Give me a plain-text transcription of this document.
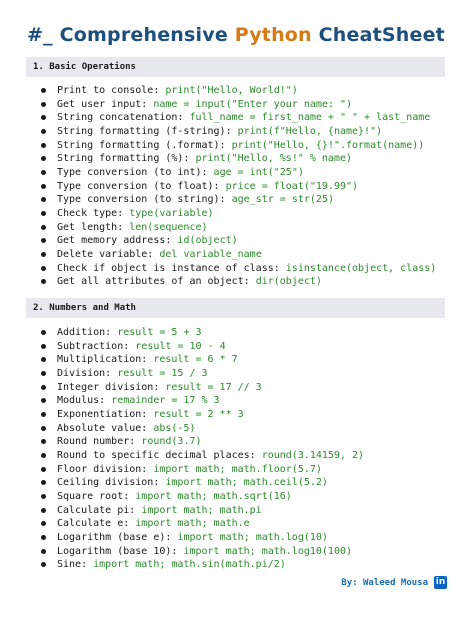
#_ Comprehensive Python CheatSheet
1. Basic Operations
Print to console: print("Hello, World!")
Get user input: name = input("Enter your name: ")
String concatenation: full_name = first_name + " " + last_name
String formatting (f-string): print(f"Hello, {name}!")
String formatting (.format): print("Hello, {}!".format(name))
String formatting (%): print("Hello, %s!" % name)
Type conversion (to int): age = int("25")
Type conversion (to float): price = float("19.99")
Type conversion (to string): age_str = str(25)
Check type: type(variable)
Get length: len(sequence)
Get memory address: id(object)
Delete variable: del variable_name
Check if object is instance of class: isinstance(object, class)
Get all attributes of an object: dir(object)
2. Numbers and Math
Addition: result = 5 + 3
Subtraction: result = 10 - 4
Multiplication: result = 6 * 7
Division: result = 15 / 3
Integer division: result = 17 // 3
Modulus: remainder = 17 % 3
Exponentiation: result = 2 ** 3
Absolute value: abs(-5)
Round number: round(3.7)
Round to specific decimal places: round(3.14159, 2)
Floor division: import math; math.floor(5.7)
Ceiling division: import math; math.ceil(5.2)
Square root: import math; math.sqrt(16)
Calculate pi: import math; math.pi
Calculate e: import math; math.e
Logarithm (base e): import math; math.log(10)
Logarithm (base 10): import math; math.log10(100)
Sine: import math; math.sin(math.pi/2)
By: Waleed Mousa in
